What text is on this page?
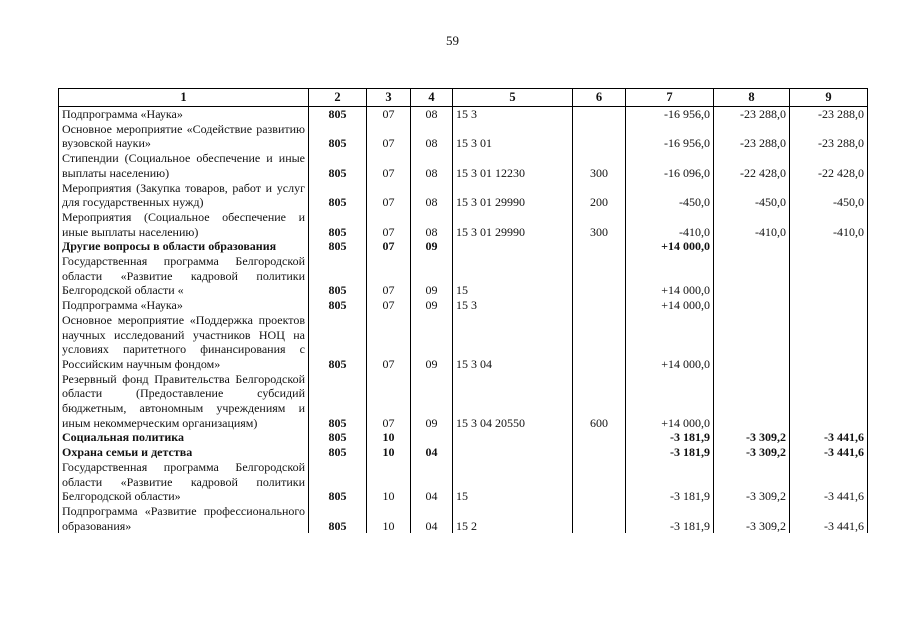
59
1	2	3	4	5	6	7	8	9
Подпрограмма «Наука»	805	07	08	15 3		-16 956,0	-23 288,0	-23 288,0
Основное мероприятие «Содействие развитию вузовской науки»	805	07	08	15 3 01		-16 956,0	-23 288,0	-23 288,0
Стипендии (Социальное обеспечение и иные выплаты населению)	805	07	08	15 3 01 12230	300	-16 096,0	-22 428,0	-22 428,0
Мероприятия (Закупка товаров, работ и услуг для государственных нужд)	805	07	08	15 3 01 29990	200	-450,0	-450,0	-450,0
Мероприятия (Социальное обеспечение и иные выплаты населению)	805	07	08	15 3 01 29990	300	-410,0	-410,0	-410,0
Другие вопросы в области образования	805	07	09			+14 000,0		
Государственная программа Белгородской области «Развитие кадровой политики Белгородской области «	805	07	09	15		+14 000,0		
Подпрограмма «Наука»	805	07	09	15 3		+14 000,0		
Основное мероприятие «Поддержка проектов научных исследований участников НОЦ на условиях паритетного финансирования с Российским научным фондом»	805	07	09	15 3 04		+14 000,0		
Резервный фонд Правительства Белгородской области (Предоставление субсидий бюджетным, автономным учреждениям и иным некоммерческим организациям)	805	07	09	15 3 04 20550	600	+14 000,0		
Социальная политика	805	10				-3 181,9	-3 309,2	-3 441,6
Охрана семьи и детства	805	10	04			-3 181,9	-3 309,2	-3 441,6
Государственная программа Белгородской области «Развитие кадровой политики Белгородской области»	805	10	04	15		-3 181,9	-3 309,2	-3 441,6
Подпрограмма «Развитие профессионального образования»	805	10	04	15 2		-3 181,9	-3 309,2	-3 441,6
